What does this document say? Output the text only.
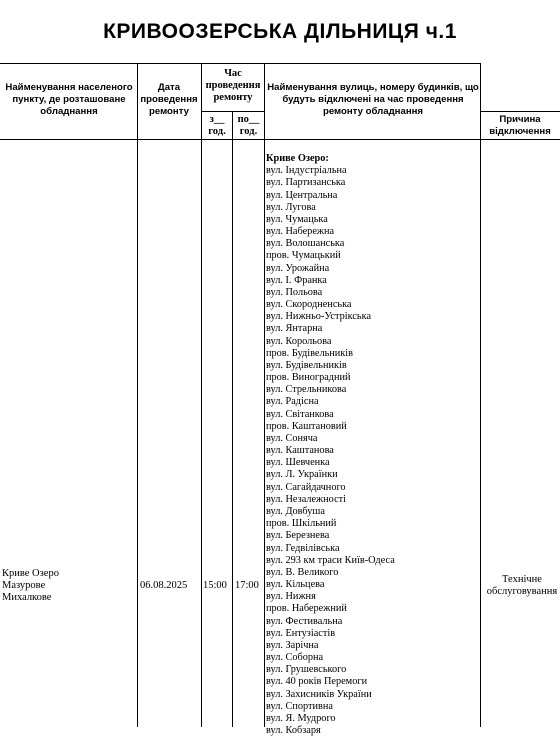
КРИВООЗЕРСЬКА ДІЛЬНИЦЯ ч.1
Найменування населеного пункту, де розташоване обладнання
Дата проведення ремонту
Час проведення ремонту
з__ год.
по__ год.
Найменування вулиць, номеру будинків, що будуть відключені на час проведення ремонту обладнання
Причина відключення
Криве Озеро
Мазурове
Михалкове
06.08.2025	15:00 17:00
Технічне
обслуговування
Криве Озеро:
вул. Індустріальна
вул. Партизанська
вул. Центральна
вул. Лугова
вул. Чумацька
вул. Набережна
вул. Волошанська
пров. Чумацький
вул. Урожайна
вул. І. Франка
вул. Польова
вул. Скородненська
вул. Нижньо-Устрікська
вул. Янтарна
вул. Корольова
пров. Будівельників
вул. Будівельників
пров. Виноградний
вул. Стрельникова
вул. Радісна
вул. Світанкова
пров. Каштановий
вул. Соняча
вул. Каштанова
вул. Шевченка
вул. Л. Українки
вул. Сагайдачного
вул. Незалежності
вул. Довбуша
пров. Шкільний
вул. Березнева
вул. Гедвілівська
вул. 293 км траси Київ-Одеса
вул. В. Великого
вул. Кільцева
вул. Нижня
пров. Набережний
вул. Фестивальна
вул. Ентузіастів
вул. Зарічна
вул. Соборна
вул. Грушевського
вул. 40 років Перемоги
вул. Захисників України
вул. Спортивна
вул. Я. Мудрого
вул. Кобзаря
